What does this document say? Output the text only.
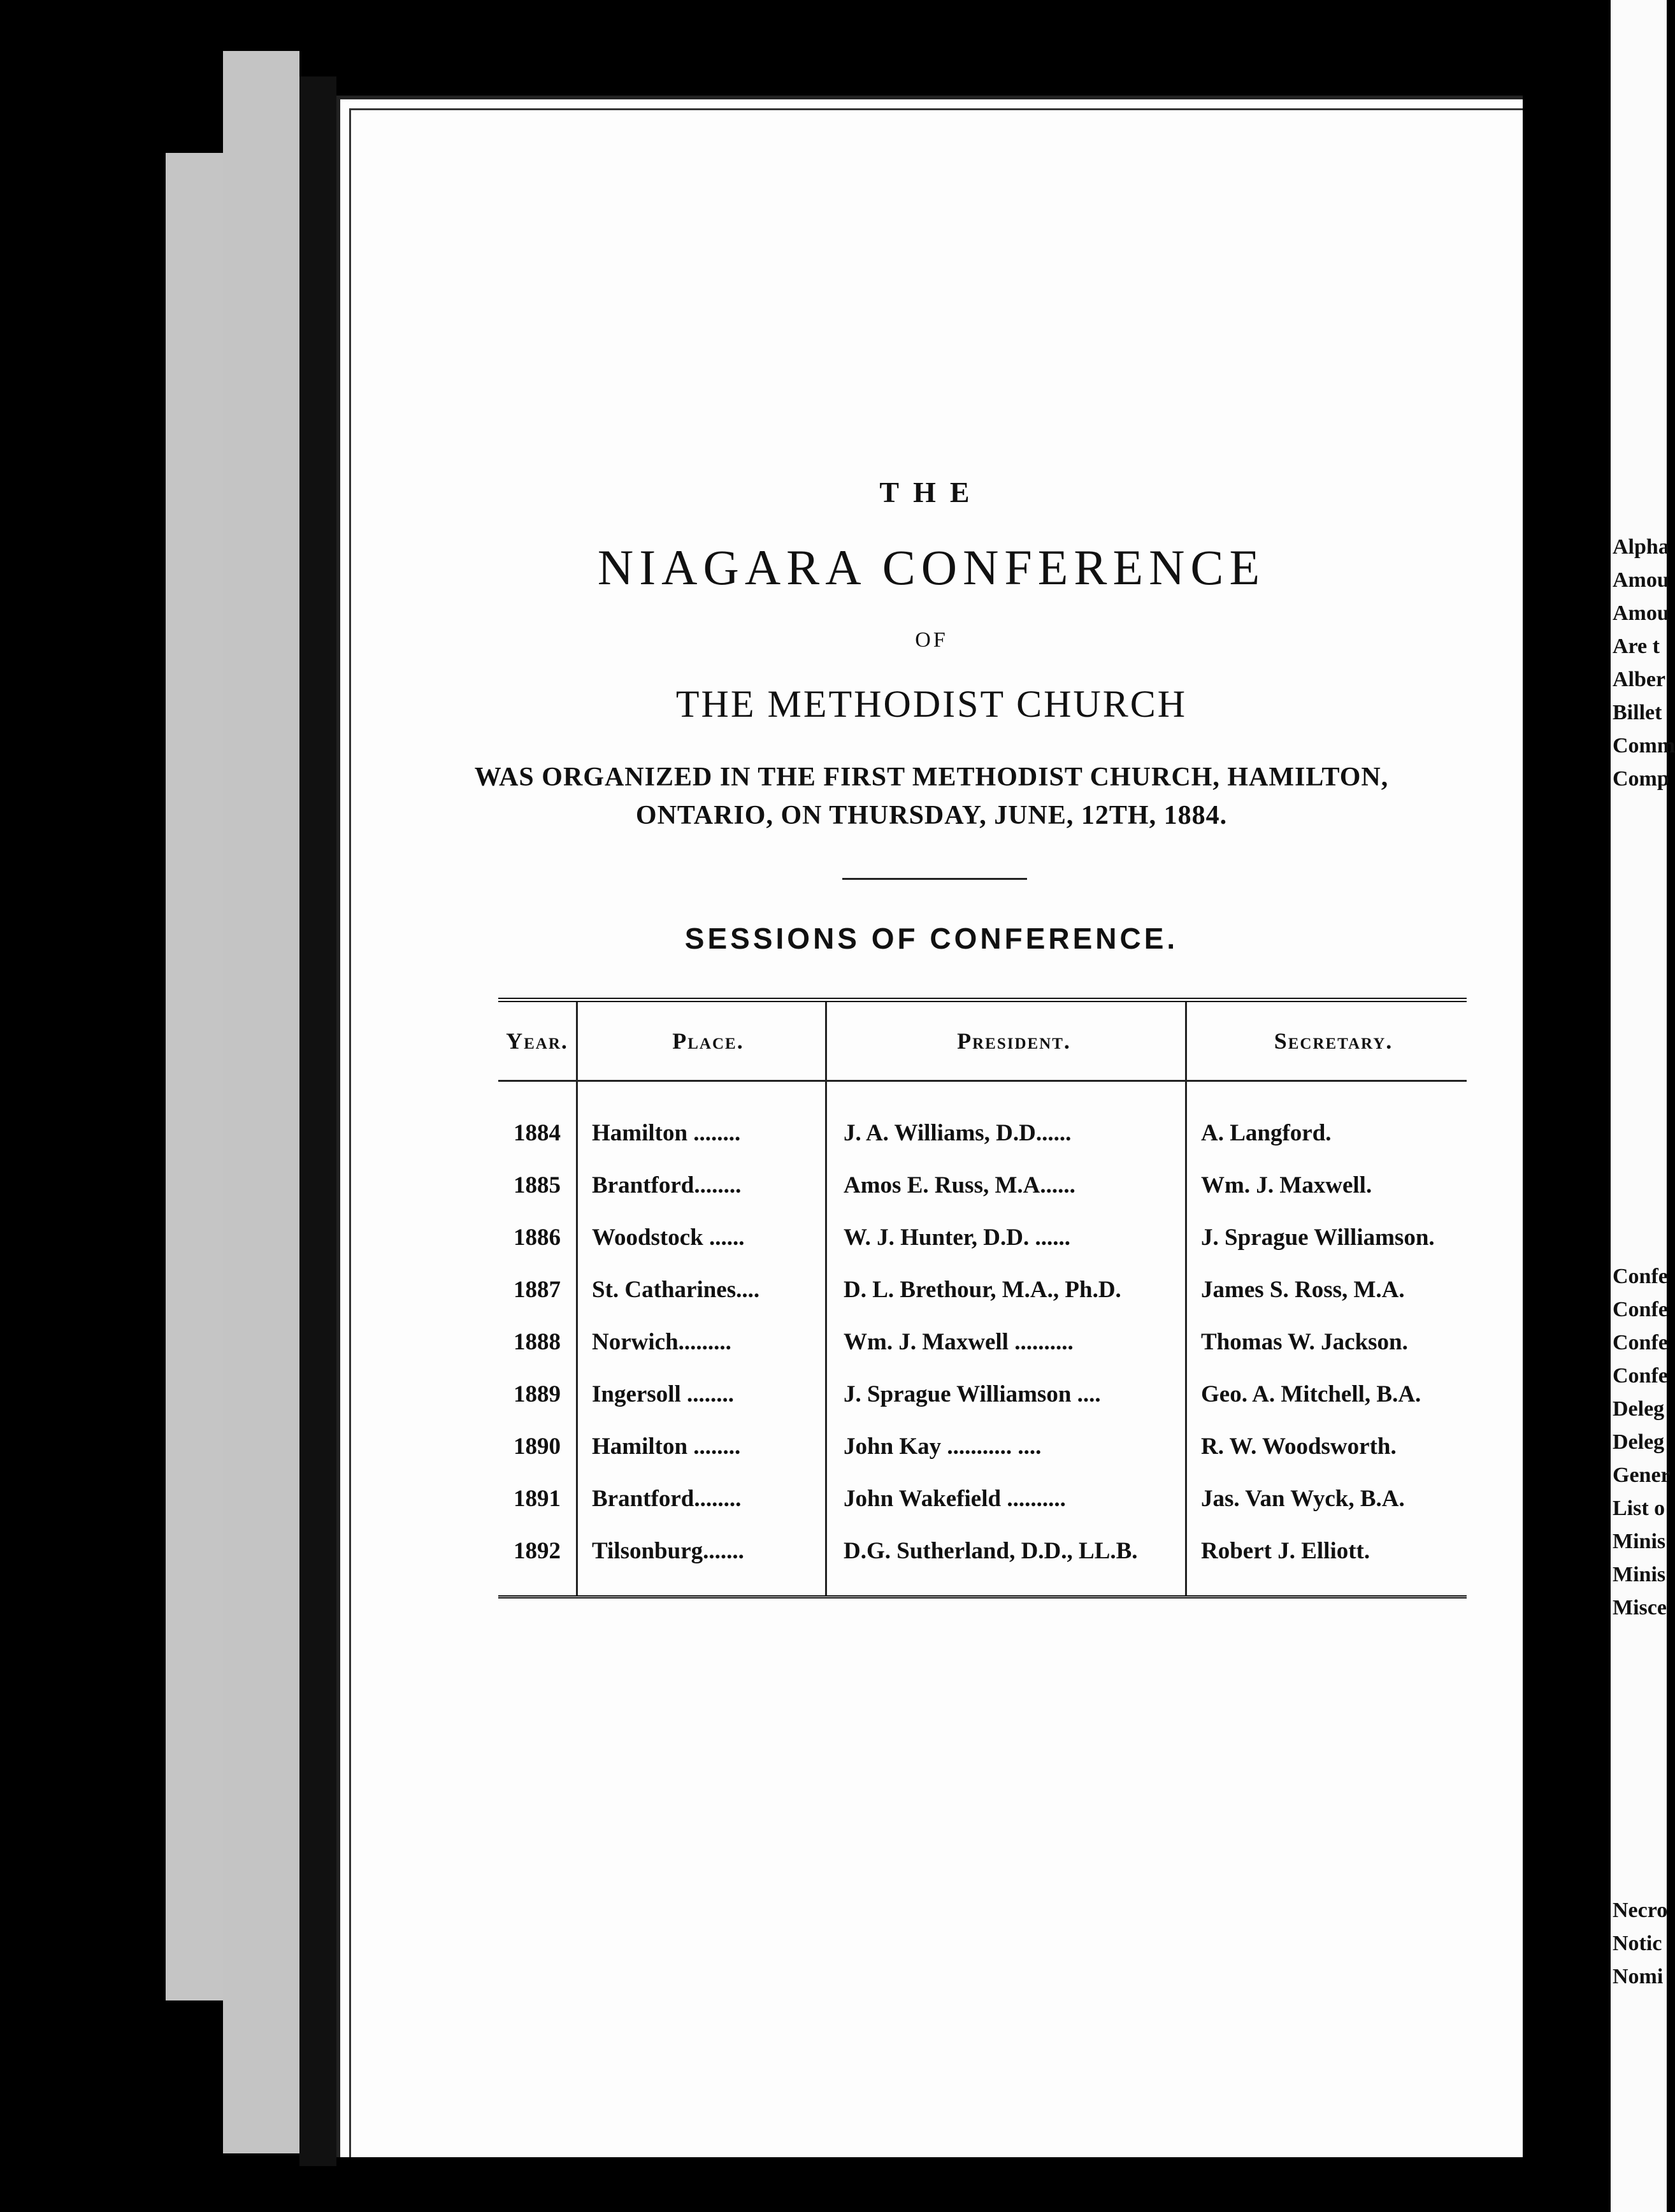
THE
NIAGARA CONFERENCE
OF
THE METHODIST CHURCH
WAS ORGANIZED IN THE FIRST METHODIST CHURCH, HAMILTON,
ONTARIO, ON THURSDAY, JUNE, 12TH, 1884.
SESSIONS OF CONFERENCE.
Year.	Place.	President.	Secretary.
1884	Hamilton ........	J. A. Williams, D.D......	A. Langford.
1885	Brantford........	Amos E. Russ, M.A......	Wm. J. Maxwell.
1886	Woodstock ......	W. J. Hunter, D.D. ......	J. Sprague Williamson.
1887	St. Catharines....	D. L. Brethour, M.A., Ph.D.	James S. Ross, M.A.
1888	Norwich.........	Wm. J. Maxwell ..........	Thomas W. Jackson.
1889	Ingersoll ........	J. Sprague Williamson ....	Geo. A. Mitchell, B.A.
1890	Hamilton ........	John Kay ........... ....	R. W. Woodsworth.
1891	Brantford........	John Wakefield ..........	Jas. Van Wyck, B.A.
1892	Tilsonburg.......	D.G. Sutherland, D.D., LL.B.	Robert J. Elliott.
Alpha
Amou
Amou
Are t
Alber
Billet
Comm
Comp
Confe
Confe
Confe
Confe
Deleg
Deleg
Gener
List o
Minis
Minis
Misce
Necro
Notic
Nomi
